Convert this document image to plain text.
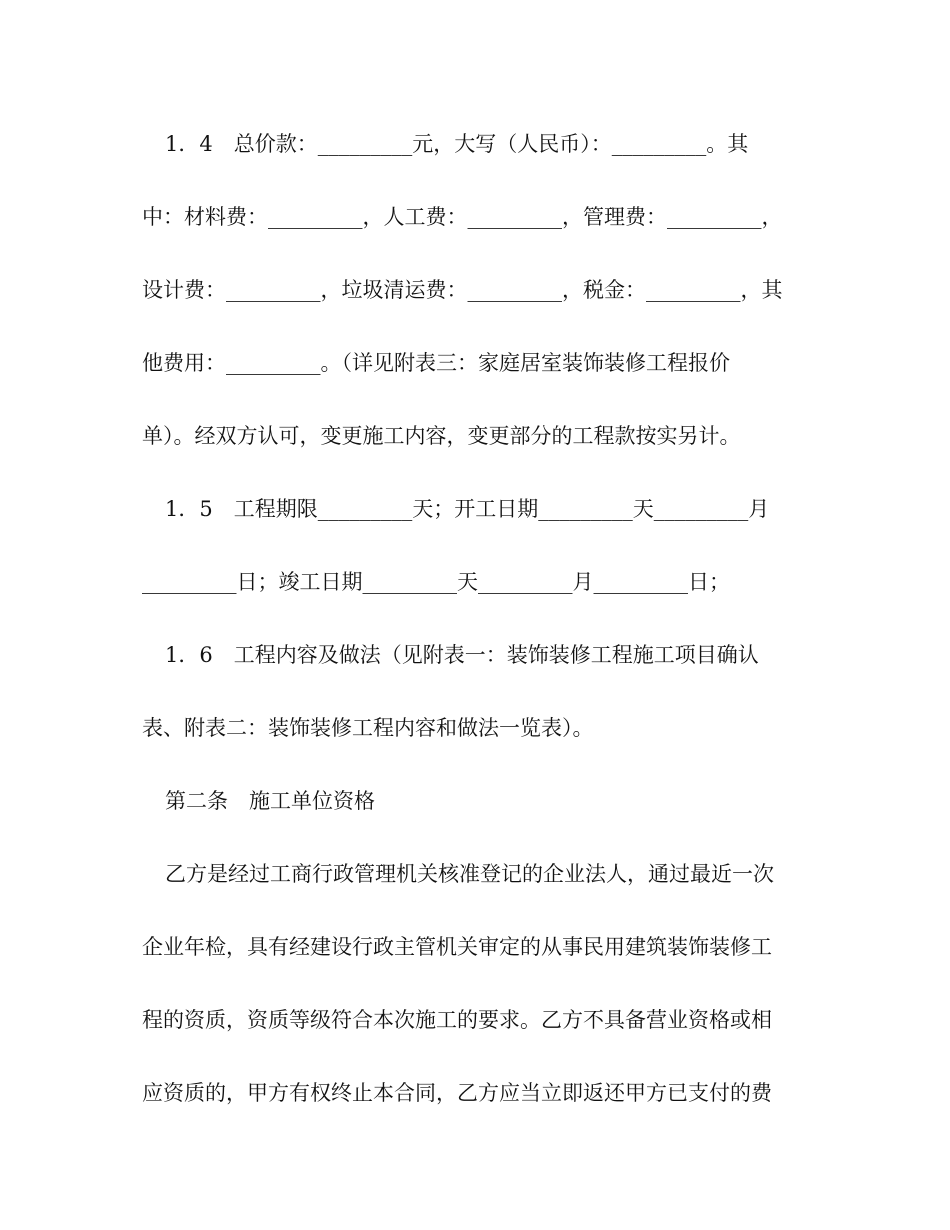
1．4　总价款：_________元，大写（人民币）：_________。其
中：材料费：_________，人工费：_________，管理费：_________，
设计费：_________，垃圾清运费：_________，税金：_________，其
他费用：_________。（详见附表三：家庭居室装饰装修工程报价
单）。经双方认可，变更施工内容，变更部分的工程款按实另计。
1．5　工程期限_________天；开工日期_________天_________月
_________日；竣工日期_________天_________月_________日；
1．6　工程内容及做法（见附表一：装饰装修工程施工项目确认
表、附表二：装饰装修工程内容和做法一览表）。
第二条　施工单位资格
乙方是经过工商行政管理机关核准登记的企业法人，通过最近一次
企业年检，具有经建设行政主管机关审定的从事民用建筑装饰装修工
程的资质，资质等级符合本次施工的要求。乙方不具备营业资格或相
应资质的，甲方有权终止本合同，乙方应当立即返还甲方已支付的费
